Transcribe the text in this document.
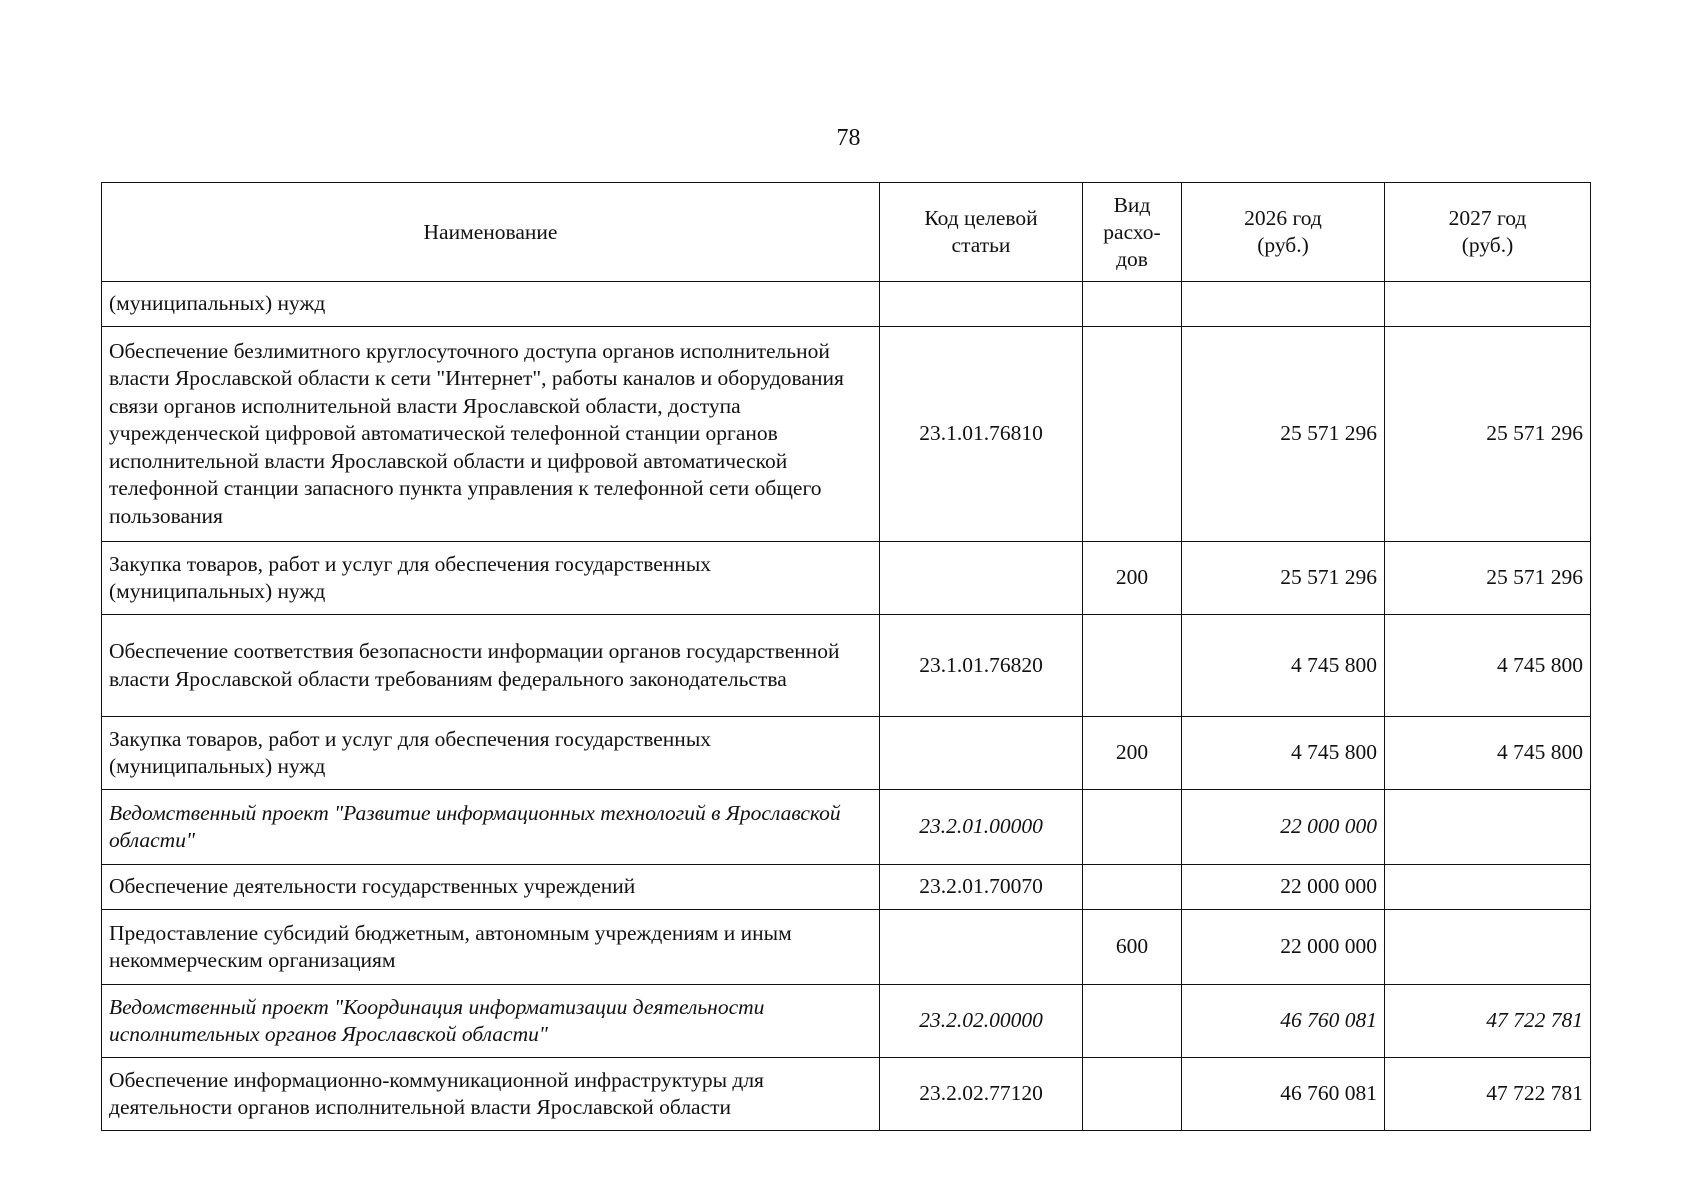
78
Наименование	Код целевой статьи	Вид расхо-дов	2026 год (руб.)	2027 год (руб.)
(муниципальных) нужд				
Обеспечение безлимитного круглосуточного доступа органов исполнительной власти Ярославской области к сети "Интернет", работы каналов и оборудования связи органов исполнительной власти Ярославской области, доступа учрежденческой цифровой автоматической телефонной станции органов исполнительной власти Ярославской области и цифровой автоматической телефонной станции запасного пункта управления к телефонной сети общего пользования	23.1.01.76810		25 571 296	25 571 296
Закупка товаров, работ и услуг для обеспечения государственных (муниципальных) нужд		200	25 571 296	25 571 296
Обеспечение соответствия безопасности информации органов государственной власти Ярославской области требованиям федерального законодательства	23.1.01.76820		4 745 800	4 745 800
Закупка товаров, работ и услуг для обеспечения государственных (муниципальных) нужд		200	4 745 800	4 745 800
Ведомственный проект "Развитие информационных технологий в Ярославской области"	23.2.01.00000		22 000 000	
Обеспечение деятельности государственных учреждений	23.2.01.70070		22 000 000	
Предоставление субсидий бюджетным, автономным учреждениям и иным некоммерческим организациям		600	22 000 000	
Ведомственный проект "Координация информатизации деятельности исполнительных органов Ярославской области"	23.2.02.00000		46 760 081	47 722 781
Обеспечение информационно-коммуникационной инфраструктуры для деятельности органов исполнительной власти Ярославской области	23.2.02.77120		46 760 081	47 722 781
